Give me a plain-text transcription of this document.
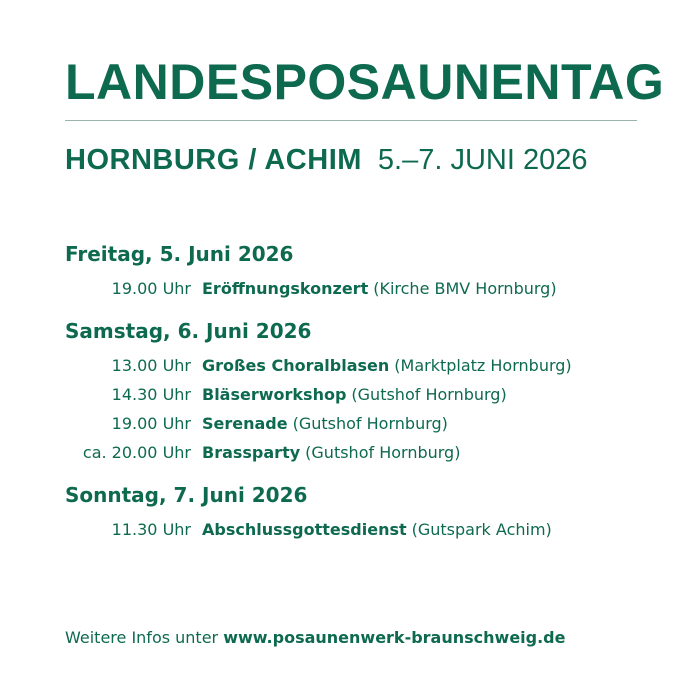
LANDESPOSAUNENTAG
HORNBURG / ACHIM 5.–7. JUNI 2026
Freitag, 5. Juni 2026
19.00 Uhr Eröffnungskonzert (Kirche BMV Hornburg)
Samstag, 6. Juni 2026
13.00 Uhr Großes Choralblasen (Marktplatz Hornburg)
14.30 Uhr Bläserworkshop (Gutshof Hornburg)
19.00 Uhr Serenade (Gutshof Hornburg)
ca. 20.00 Uhr Brassparty (Gutshof Hornburg)
Sonntag, 7. Juni 2026
11.30 Uhr Abschlussgottesdienst (Gutspark Achim)
Weitere Infos unter www.posaunenwerk-braunschweig.de
